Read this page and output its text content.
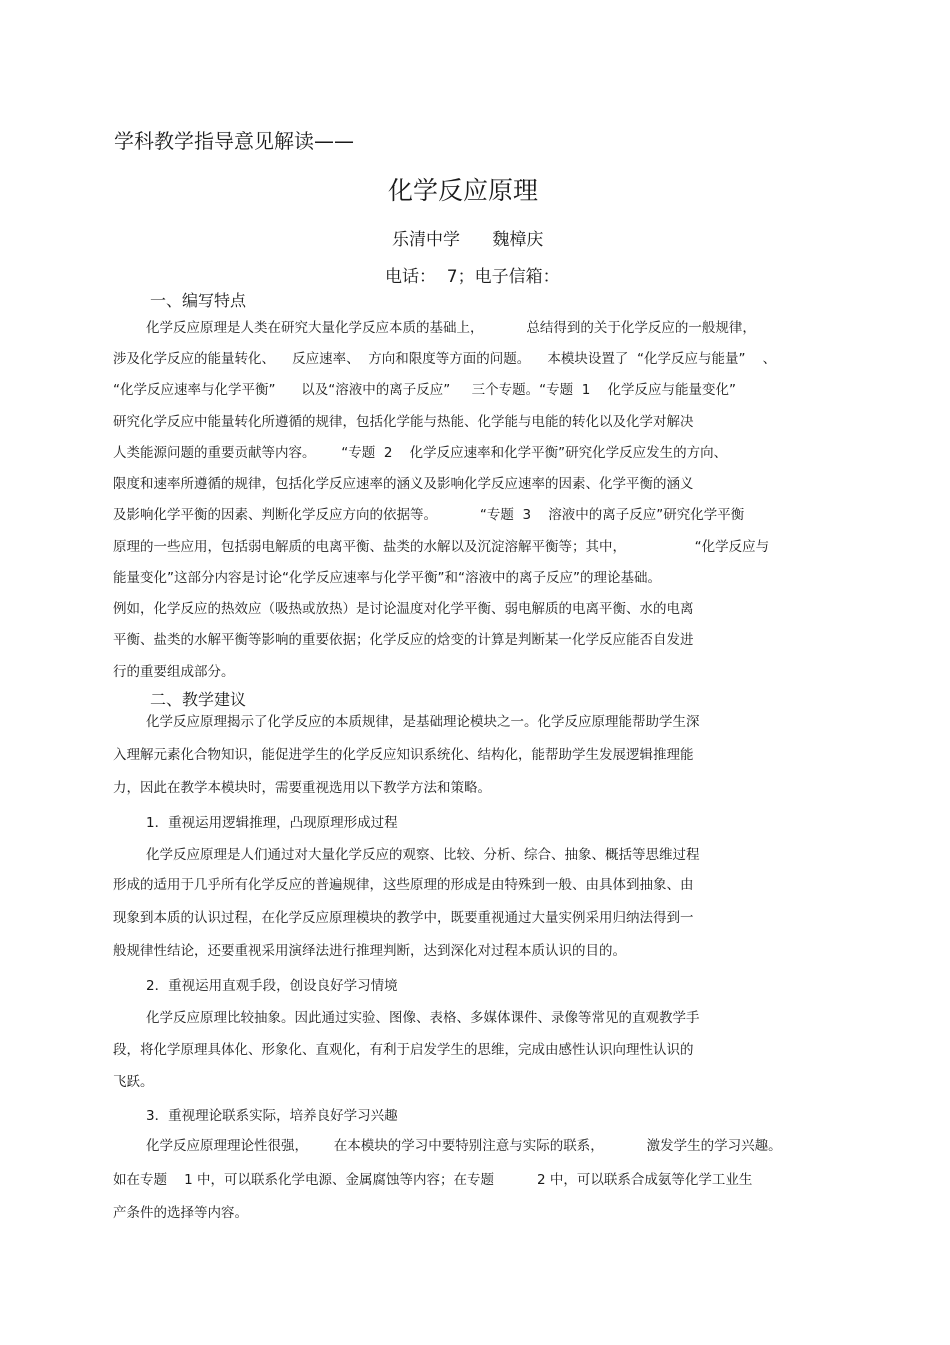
学科教学指导意见解读——
化学反应原理
乐清中学      魏樟庆
电话：  7；电子信箱：
一、编写特点
化学反应原理是人类在研究大量化学反应本质的基础上，          总结得到的关于化学反应的一般规律，
涉及化学反应的能量转化、    反应速率、  方向和限度等方面的问题。    本模块设置了  “化学反应与能量”    、
“化学反应速率与化学平衡”      以及“溶液中的离子反应”     三个专题。“专题  1    化学反应与能量变化”
研究化学反应中能量转化所遵循的规律，包括化学能与热能、化学能与电能的转化以及化学对解决
人类能源问题的重要贡献等内容。      “专题  2    化学反应速率和化学平衡”研究化学反应发生的方向、
限度和速率所遵循的规律，包括化学反应速率的涵义及影响化学反应速率的因素、化学平衡的涵义
及影响化学平衡的因素、判断化学反应方向的依据等。          “专题  3    溶液中的离子反应”研究化学平衡
原理的一些应用，包括弱电解质的电离平衡、盐类的水解以及沉淀溶解平衡等；其中，                “化学反应与
能量变化”这部分内容是讨论“化学反应速率与化学平衡”和“溶液中的离子反应”的理论基础。
例如，化学反应的热效应（吸热或放热）是讨论温度对化学平衡、弱电解质的电离平衡、水的电离
平衡、盐类的水解平衡等影响的重要依据；化学反应的焓变的计算是判断某一化学反应能否自发进
行的重要组成部分。
二、教学建议
化学反应原理揭示了化学反应的本质规律，是基础理论模块之一。化学反应原理能帮助学生深
入理解元素化合物知识，能促进学生的化学反应知识系统化、结构化，能帮助学生发展逻辑推理能
力，因此在教学本模块时，需要重视选用以下教学方法和策略。
1．重视运用逻辑推理，凸现原理形成过程
化学反应原理是人们通过对大量化学反应的观察、比较、分析、综合、抽象、概括等思维过程
形成的适用于几乎所有化学反应的普遍规律，这些原理的形成是由特殊到一般、由具体到抽象、由
现象到本质的认识过程，在化学反应原理模块的教学中，既要重视通过大量实例采用归纳法得到一
般规律性结论，还要重视采用演绎法进行推理判断，达到深化对过程本质认识的目的。
2．重视运用直观手段，创设良好学习情境
化学反应原理比较抽象。因此通过实验、图像、表格、多媒体课件、录像等常见的直观教学手
段，将化学原理具体化、形象化、直观化，有利于启发学生的思维，完成由感性认识向理性认识的
飞跃。
3．重视理论联系实际，培养良好学习兴趣
化学反应原理理论性很强，      在本模块的学习中要特别注意与实际的联系，          激发学生的学习兴趣。
如在专题    1 中，可以联系化学电源、金属腐蚀等内容；在专题          2 中，可以联系合成氨等化学工业生
产条件的选择等内容。
